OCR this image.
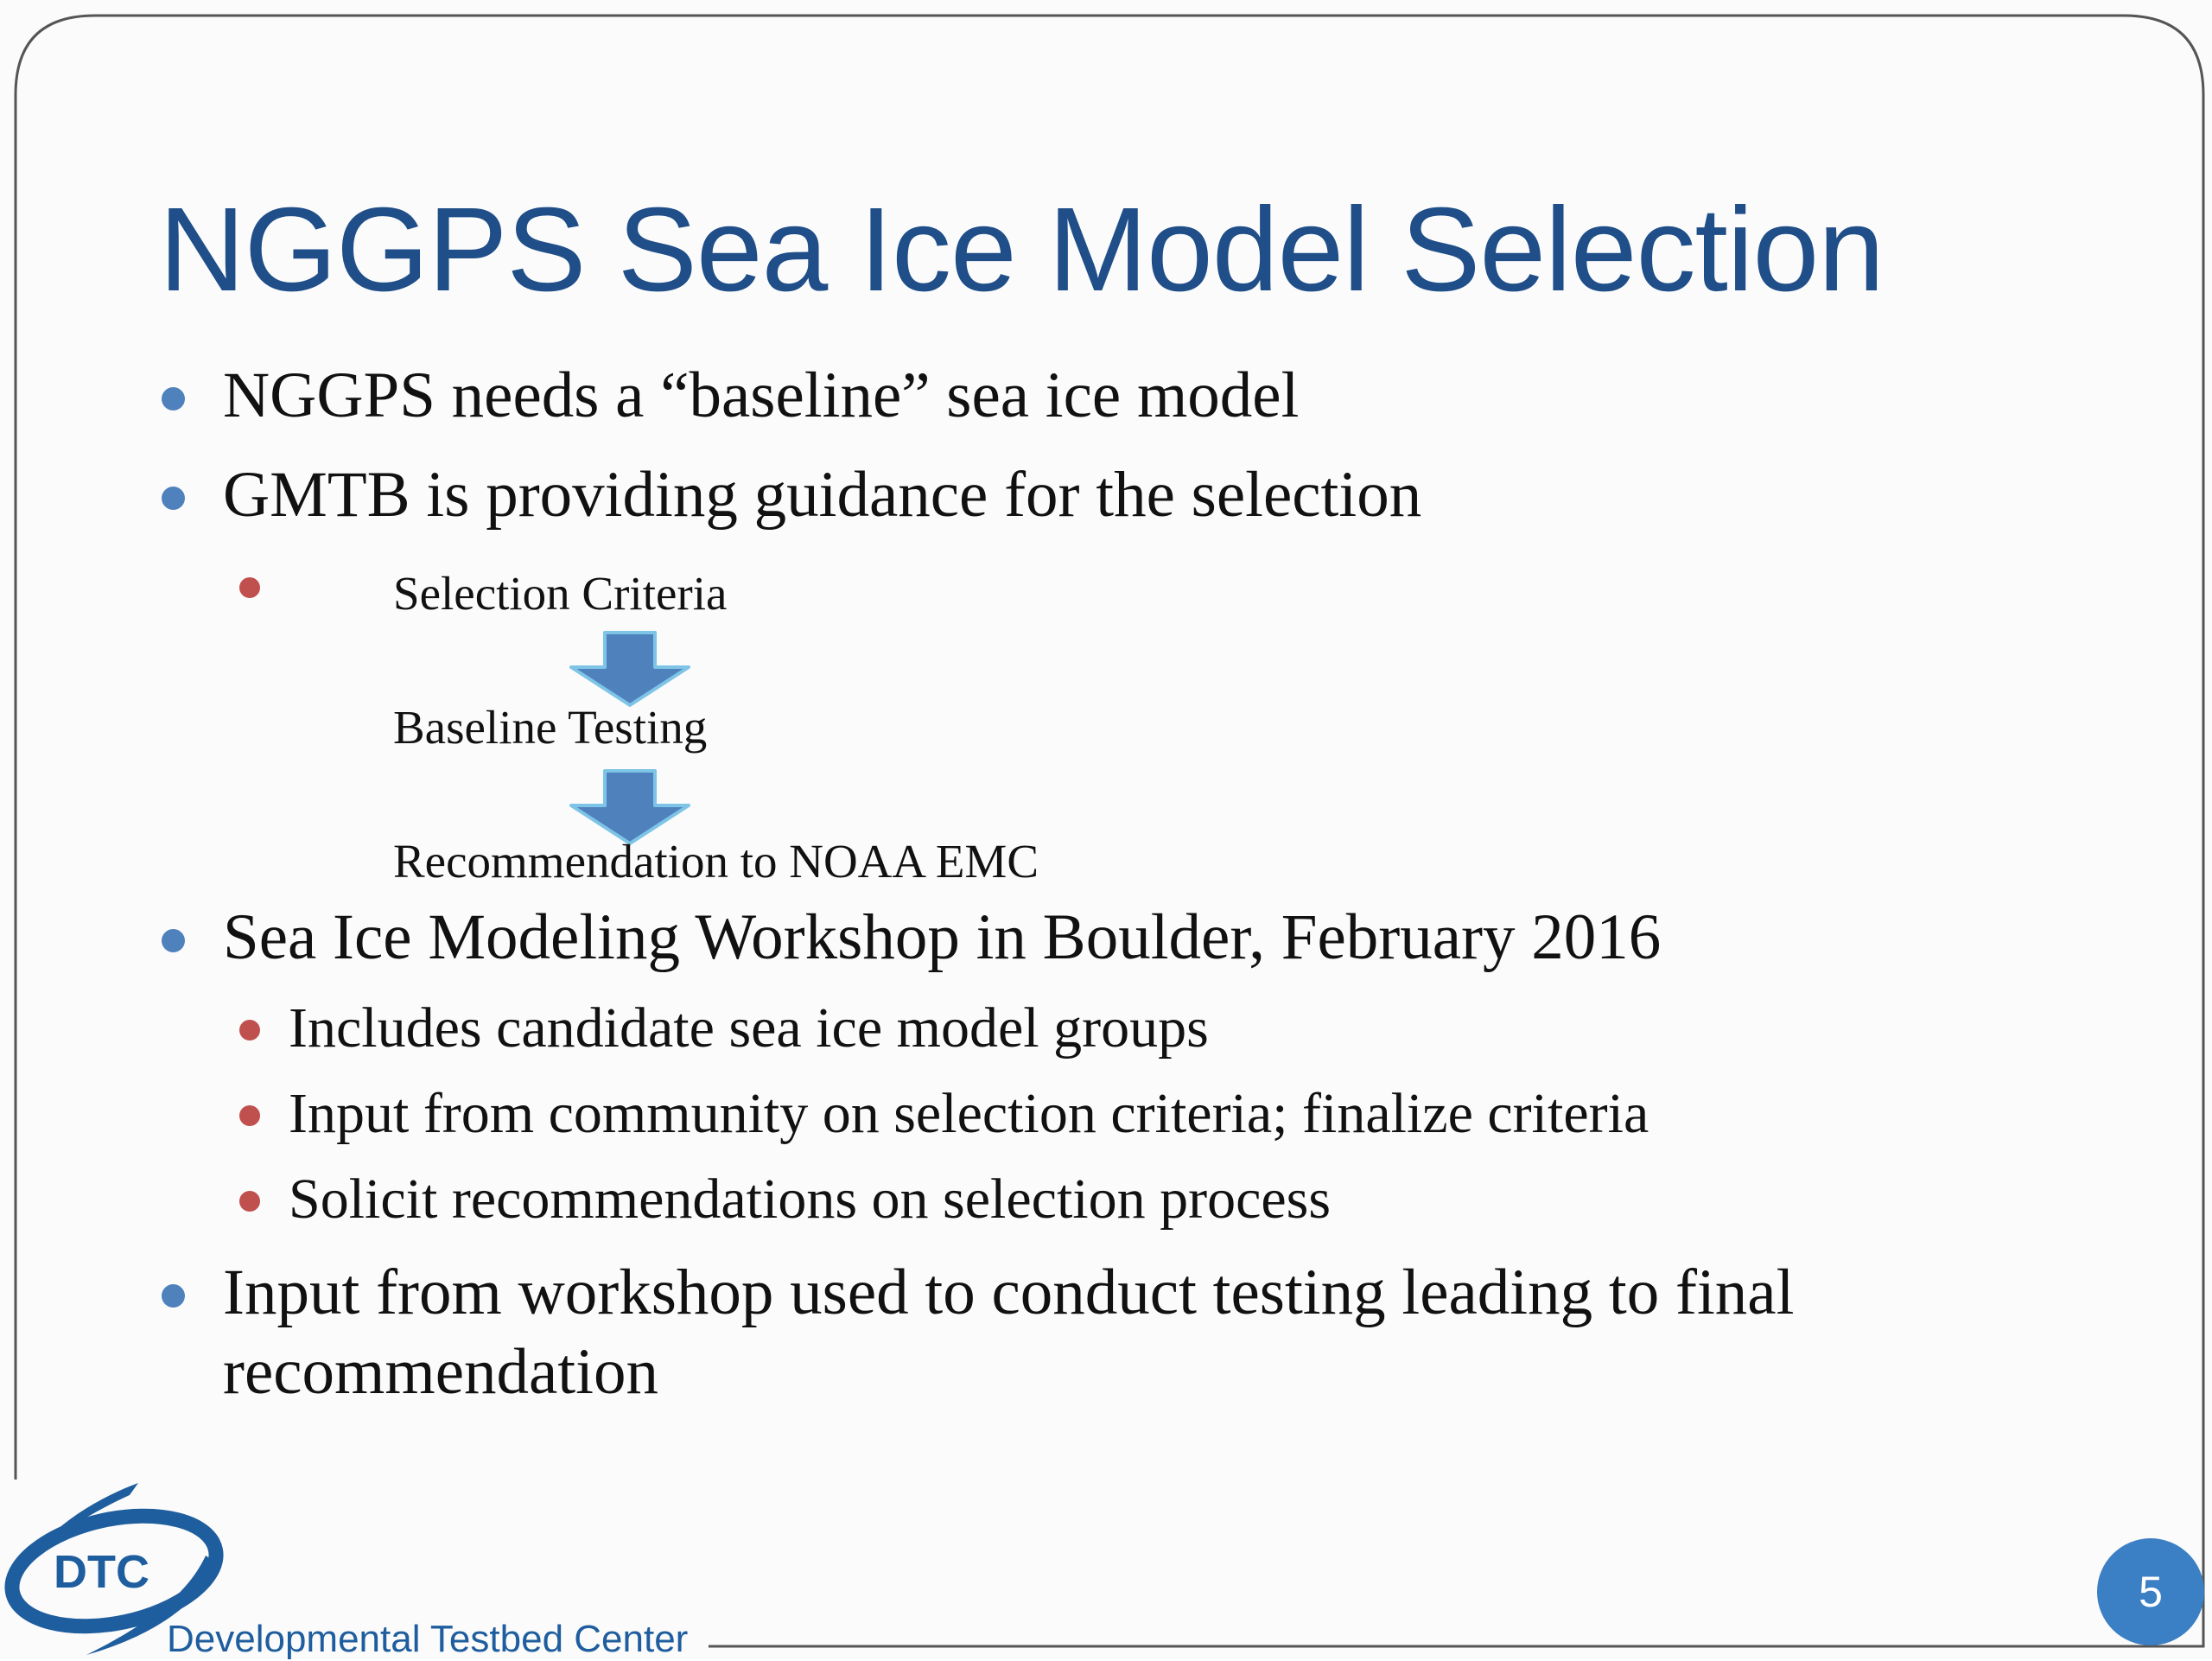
NGGPS Sea Ice Model Selection
NGGPS needs a “baseline” sea ice model
GMTB is providing guidance for the selection
Selection Criteria
Baseline Testing
Recommendation to NOAA EMC
Sea Ice Modeling Workshop in Boulder, February 2016
Includes candidate sea ice model groups
Input from community on selection criteria; finalize criteria
Solicit recommendations on selection process
Input from workshop used to conduct testing leading to final
recommendation
DTC
Developmental Testbed Center
5
